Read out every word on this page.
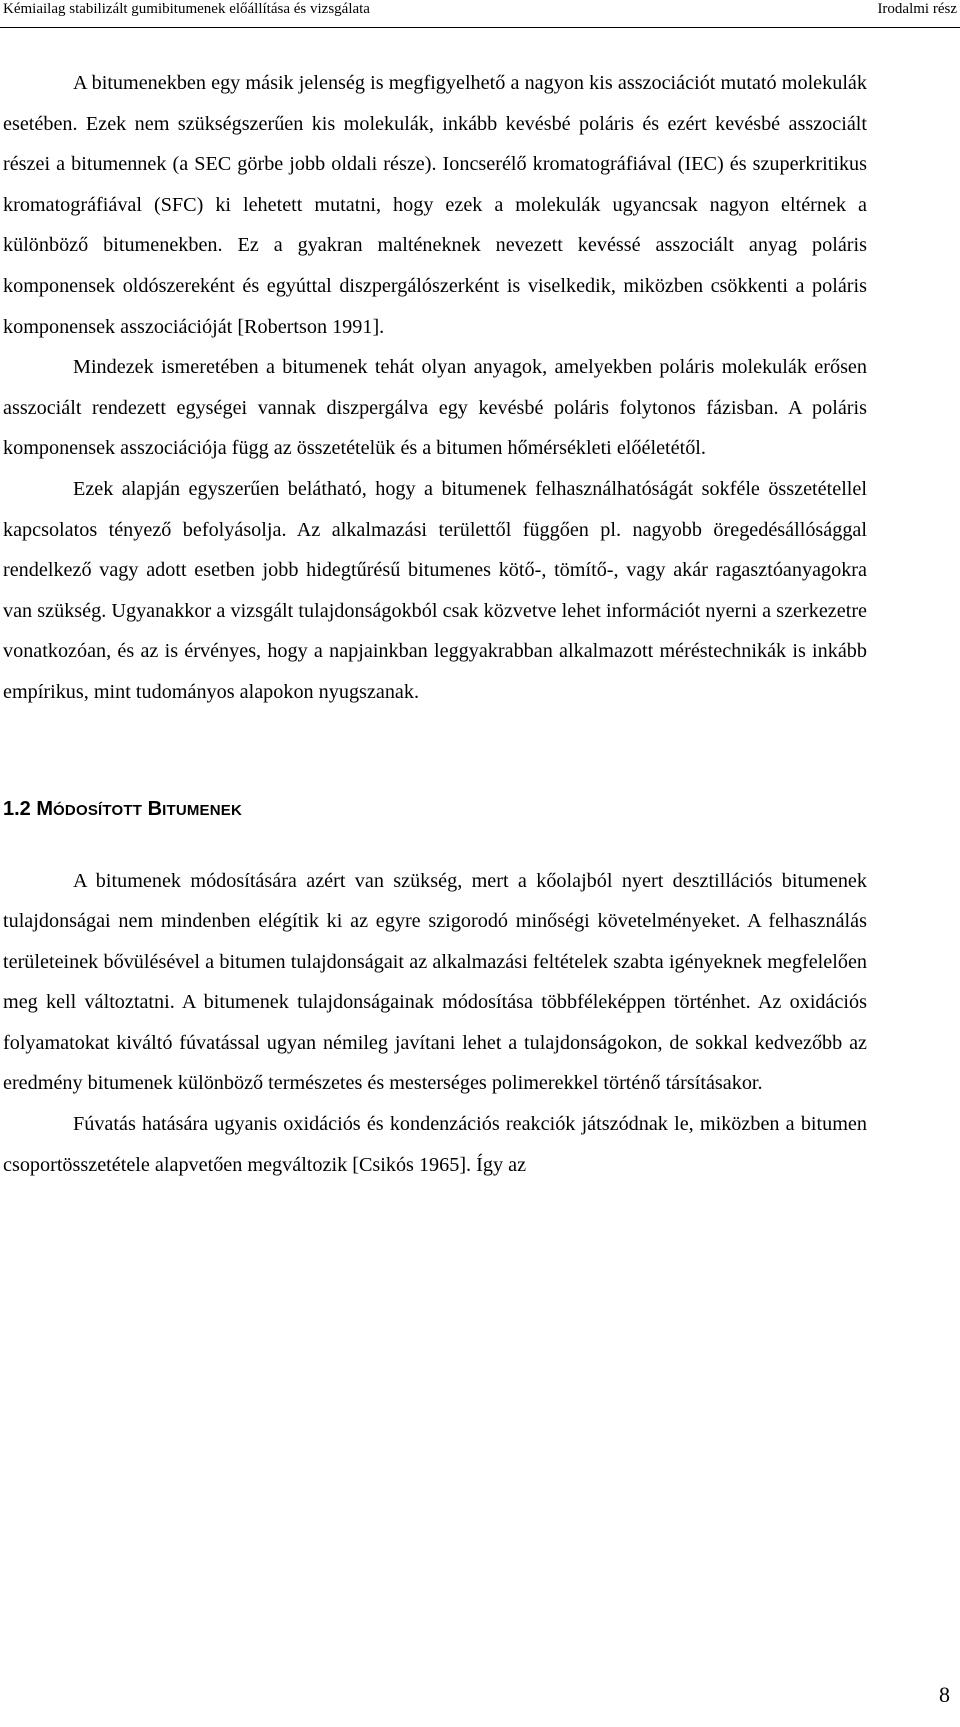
Kémiailag stabilizált gumibitumenek előállítása és vizsgálata	Irodalmi rész

A bitumenekben egy másik jelenség is megfigyelhető a nagyon kis asszociációt mutató molekulák esetében. Ezek nem szükségszerűen kis molekulák, inkább kevésbé poláris és ezért kevésbé asszociált részei a bitumennek (a SEC görbe jobb oldali része). Ioncserélő kromatográfiával (IEC) és szuperkritikus kromatográfiával (SFC) ki lehetett mutatni, hogy ezek a molekulák ugyancsak nagyon eltérnek a különböző bitumenekben. Ez a gyakran malténeknek nevezett kevéssé asszociált anyag poláris komponensek oldószereként és egyúttal diszpergálószerként is viselkedik, miközben csökkenti a poláris komponensek asszociációját [Robertson 1991].

Mindezek ismeretében a bitumenek tehát olyan anyagok, amelyekben poláris molekulák erősen asszociált rendezett egységei vannak diszpergálva egy kevésbé poláris folytonos fázisban. A poláris komponensek asszociációja függ az összetételük és a bitumen hőmérsékleti előéletétől.

Ezek alapján egyszerűen belátható, hogy a bitumenek felhasználhatóságát sokféle összetétellel kapcsolatos tényező befolyásolja. Az alkalmazási területtől függően pl. nagyobb öregedésállósággal rendelkező vagy adott esetben jobb hidegtűrésű bitumenes kötő-, tömítő-, vagy akár ragasztóanyagokra van szükség. Ugyanakkor a vizsgált tulajdonságokból csak közvetve lehet információt nyerni a szerkezetre vonatkozóan, és az is érvényes, hogy a napjainkban leggyakrabban alkalmazott méréstechnikák is inkább empírikus, mint tudományos alapokon nyugszanak.

1.2 MÓDOSÍTOTT BITUMENEK

A bitumenek módosítására azért van szükség, mert a kőolajból nyert desztillációs bitumenek tulajdonságai nem mindenben elégítik ki az egyre szigorodó minőségi követelményeket. A felhasználás területeinek bővülésével a bitumen tulajdonságait az alkalmazási feltételek szabta igényeknek megfelelően meg kell változtatni. A bitumenek tulajdonságainak módosítása többféleképpen történhet. Az oxidációs folyamatokat kiváltó fúvatással ugyan némileg javítani lehet a tulajdonságokon, de sokkal kedvezőbb az eredmény bitumenek különböző természetes és mesterséges polimerekkel történő társításakor.

Fúvatás hatására ugyanis oxidációs és kondenzációs reakciók játszódnak le, miközben a bitumen csoportösszetétele alapvetően megváltozik [Csikós 1965]. Így az

8
